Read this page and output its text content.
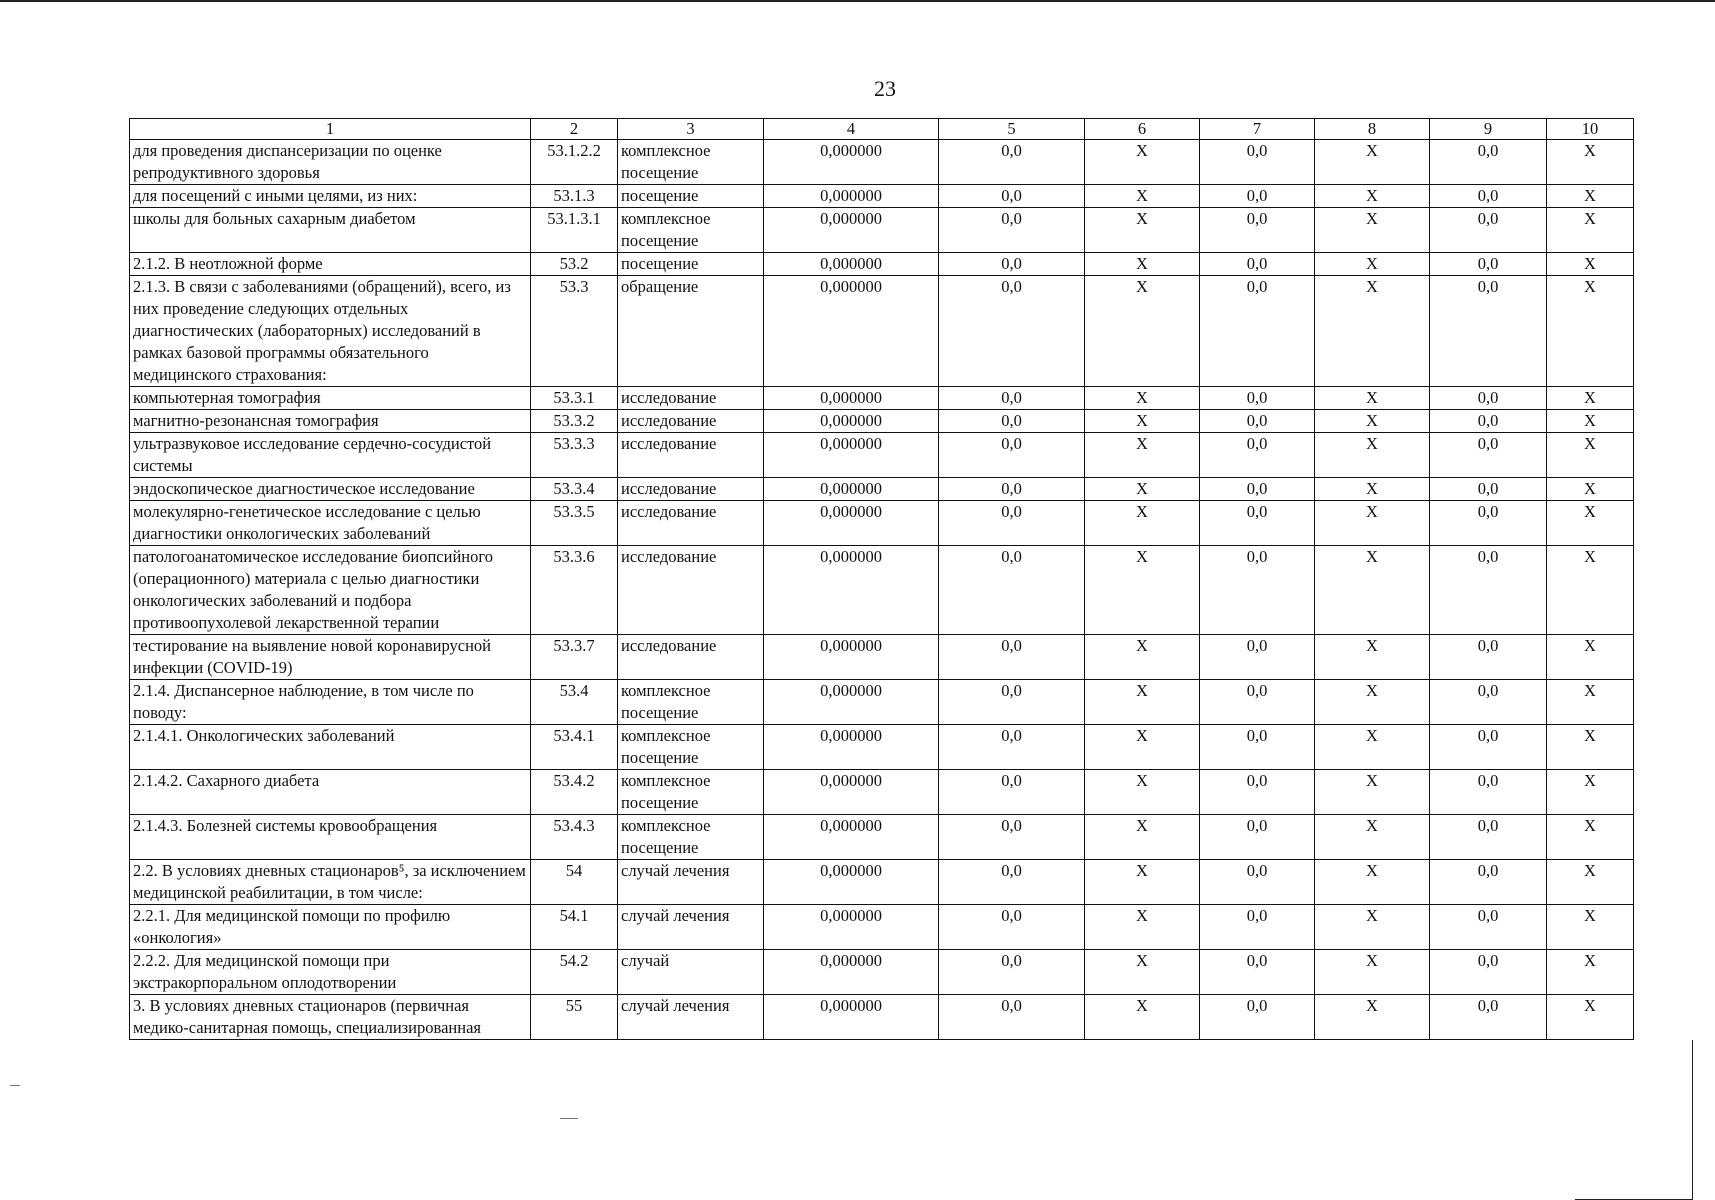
23
1	2	3	4	5	6	7	8	9	10
для проведения диспансеризации по оценке репродуктивного здоровья	53.1.2.2	комплексное посещение	0,000000	0,0	X	0,0	X	0,0	X
для посещений с иными целями, из них:	53.1.3	посещение	0,000000	0,0	X	0,0	X	0,0	X
школы для больных сахарным диабетом	53.1.3.1	комплексное посещение	0,000000	0,0	X	0,0	X	0,0	X
2.1.2. В неотложной форме	53.2	посещение	0,000000	0,0	X	0,0	X	0,0	X
2.1.3. В связи с заболеваниями (обращений), всего, из них проведение следующих отдельных диагностических (лабораторных) исследований в рамках базовой программы обязательного медицинского страхования:	53.3	обращение	0,000000	0,0	X	0,0	X	0,0	X
компьютерная томография	53.3.1	исследование	0,000000	0,0	X	0,0	X	0,0	X
магнитно-резонансная томография	53.3.2	исследование	0,000000	0,0	X	0,0	X	0,0	X
ультразвуковое исследование сердечно-сосудистой системы	53.3.3	исследование	0,000000	0,0	X	0,0	X	0,0	X
эндоскопическое диагностическое исследование	53.3.4	исследование	0,000000	0,0	X	0,0	X	0,0	X
молекулярно-генетическое исследование с целью диагностики онкологических заболеваний	53.3.5	исследование	0,000000	0,0	X	0,0	X	0,0	X
патологоанатомическое исследование биопсийного (операционного) материала с целью диагностики онкологических заболеваний и подбора противоопухолевой лекарственной терапии	53.3.6	исследование	0,000000	0,0	X	0,0	X	0,0	X
тестирование на выявление новой коронавирусной инфекции (COVID-19)	53.3.7	исследование	0,000000	0,0	X	0,0	X	0,0	X
2.1.4. Диспансерное наблюдение, в том числе по поводу:	53.4	комплексное посещение	0,000000	0,0	X	0,0	X	0,0	X
2.1.4.1. Онкологических заболеваний	53.4.1	комплексное посещение	0,000000	0,0	X	0,0	X	0,0	X
2.1.4.2. Сахарного диабета	53.4.2	комплексное посещение	0,000000	0,0	X	0,0	X	0,0	X
2.1.4.3. Болезней системы кровообращения	53.4.3	комплексное посещение	0,000000	0,0	X	0,0	X	0,0	X
2.2. В условиях дневных стационаров⁵, за исключением медицинской реабилитации, в том числе:	54	случай лечения	0,000000	0,0	X	0,0	X	0,0	X
2.2.1. Для медицинской помощи по профилю «онкология»	54.1	случай лечения	0,000000	0,0	X	0,0	X	0,0	X
2.2.2. Для медицинской помощи при экстракорпоральном оплодотворении	54.2	случай	0,000000	0,0	X	0,0	X	0,0	X
3. В условиях дневных стационаров (первичная медико-санитарная помощь, специализированная	55	случай лечения	0,000000	0,0	X	0,0	X	0,0	X
